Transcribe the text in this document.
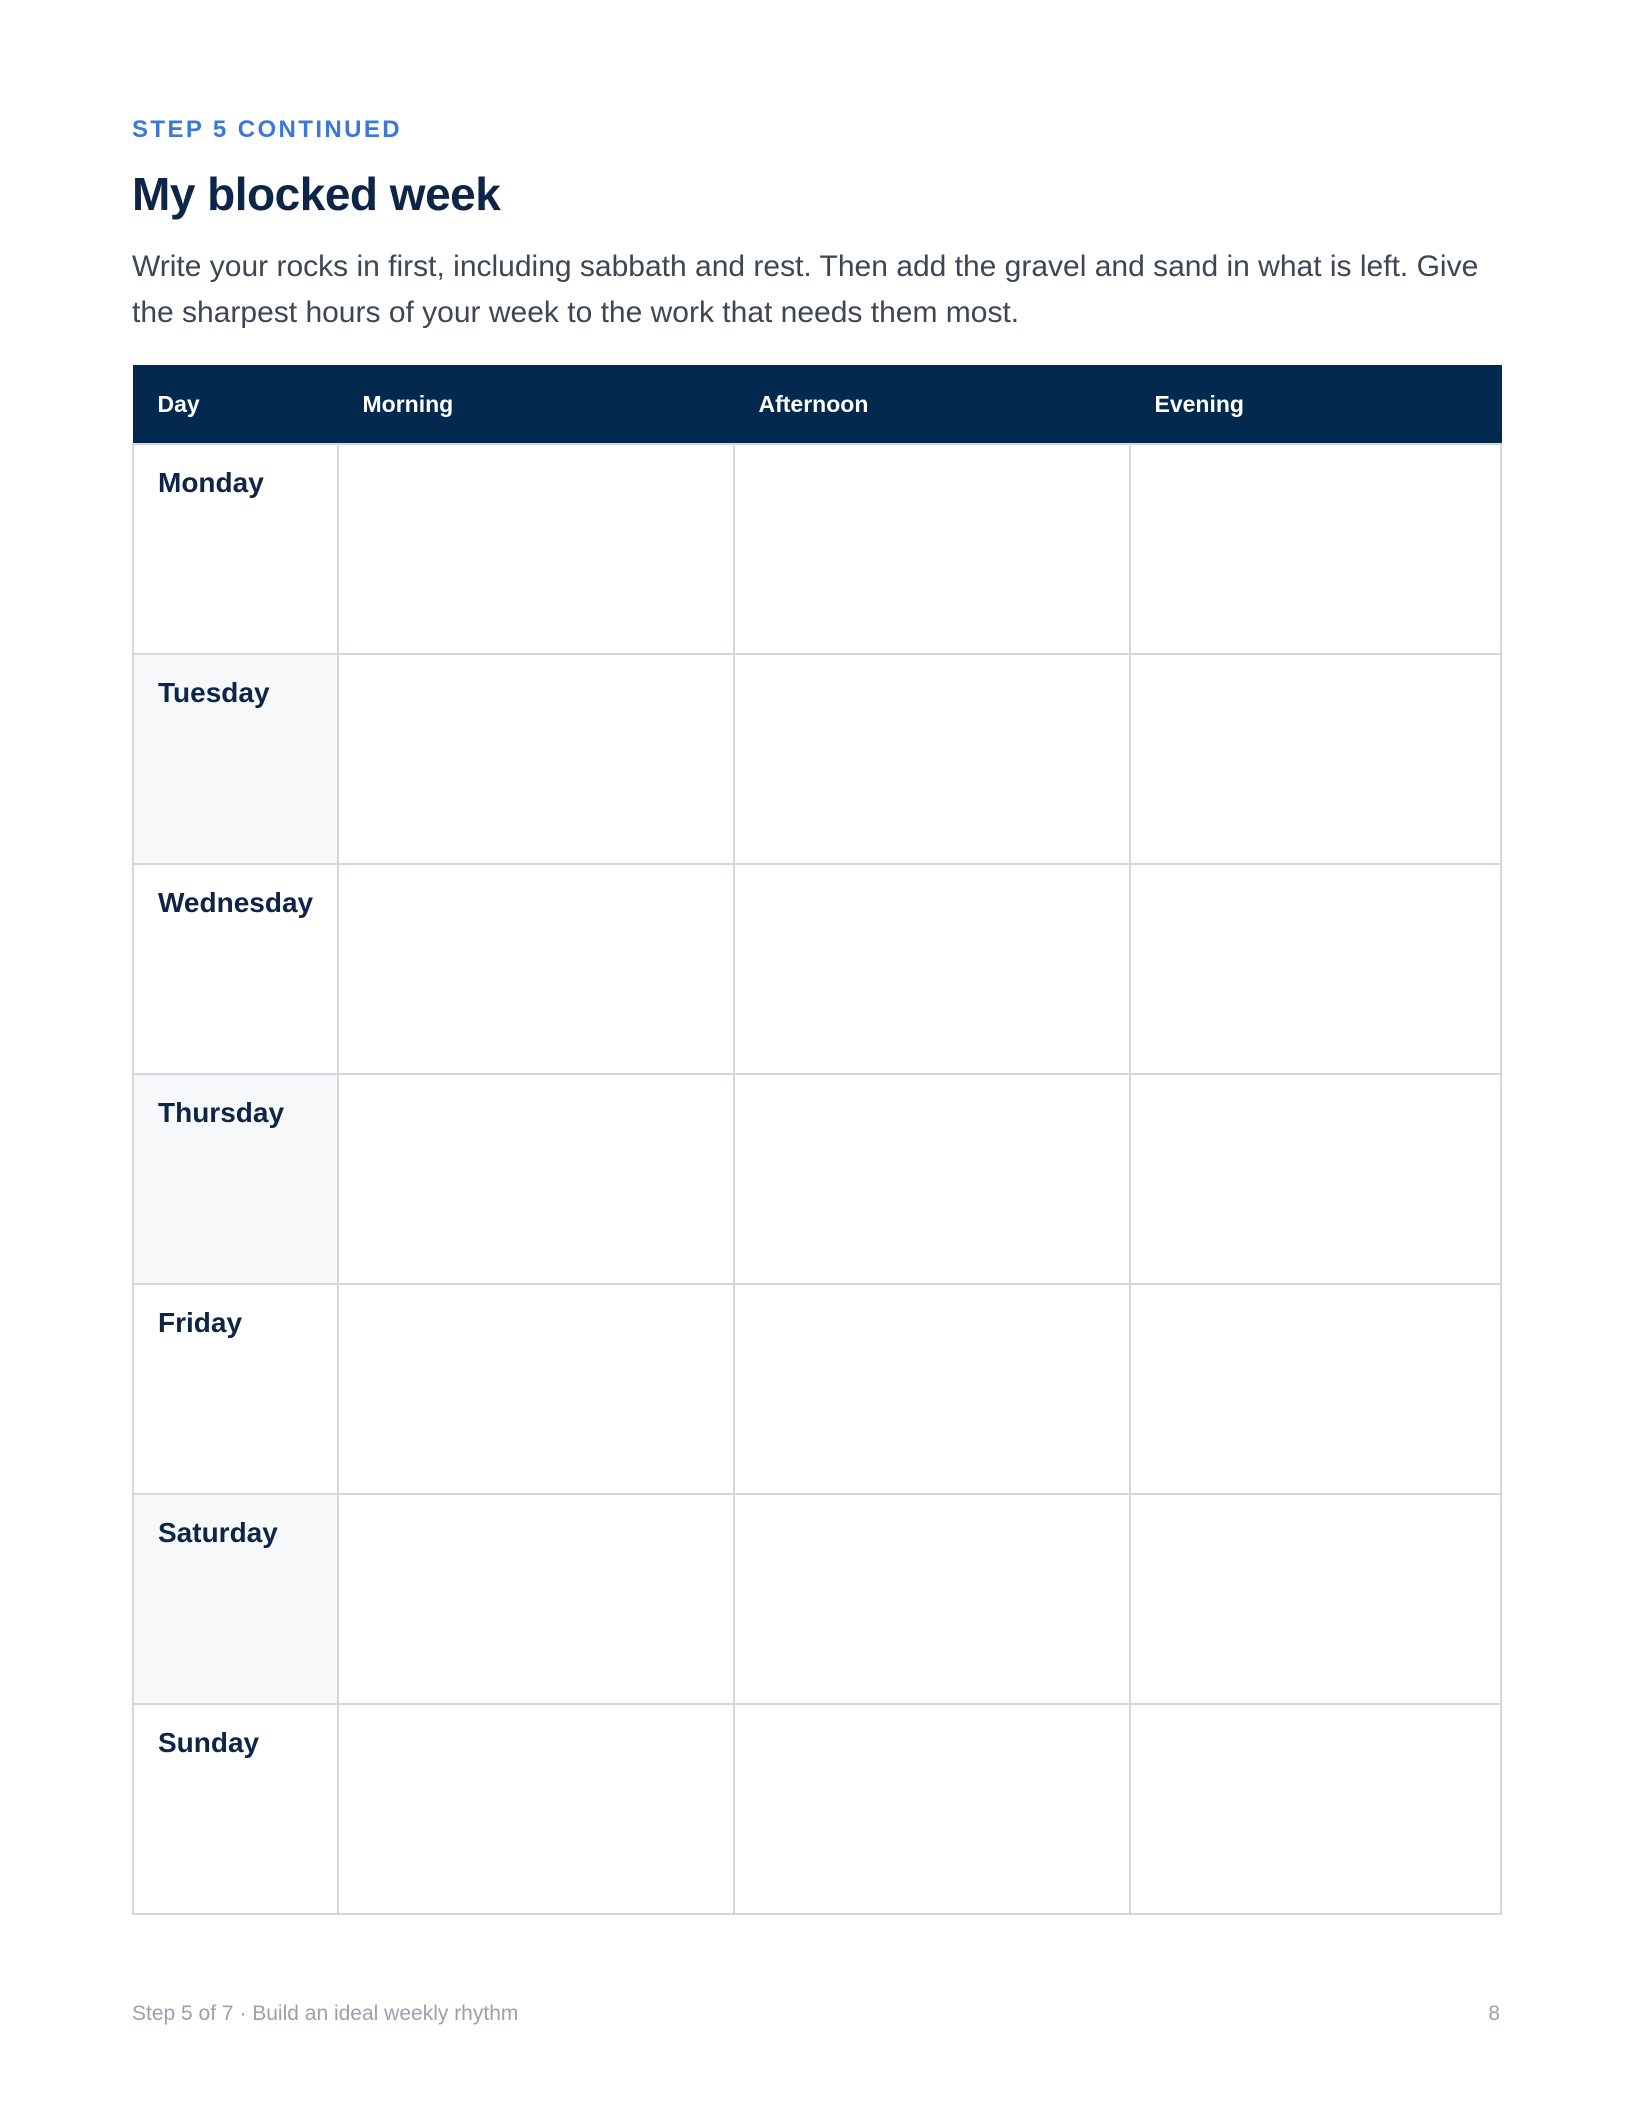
STEP 5 CONTINUED
My blocked week

Write your rocks in first, including sabbath and rest. Then add the gravel and sand in what is left. Give the sharpest hours of your week to the work that needs them most.

Day	Morning	Afternoon	Evening
Monday			
Tuesday			
Wednesday			
Thursday			
Friday			
Saturday			
Sunday			
Step 5 of 7 · Build an ideal weekly rhythm	8
